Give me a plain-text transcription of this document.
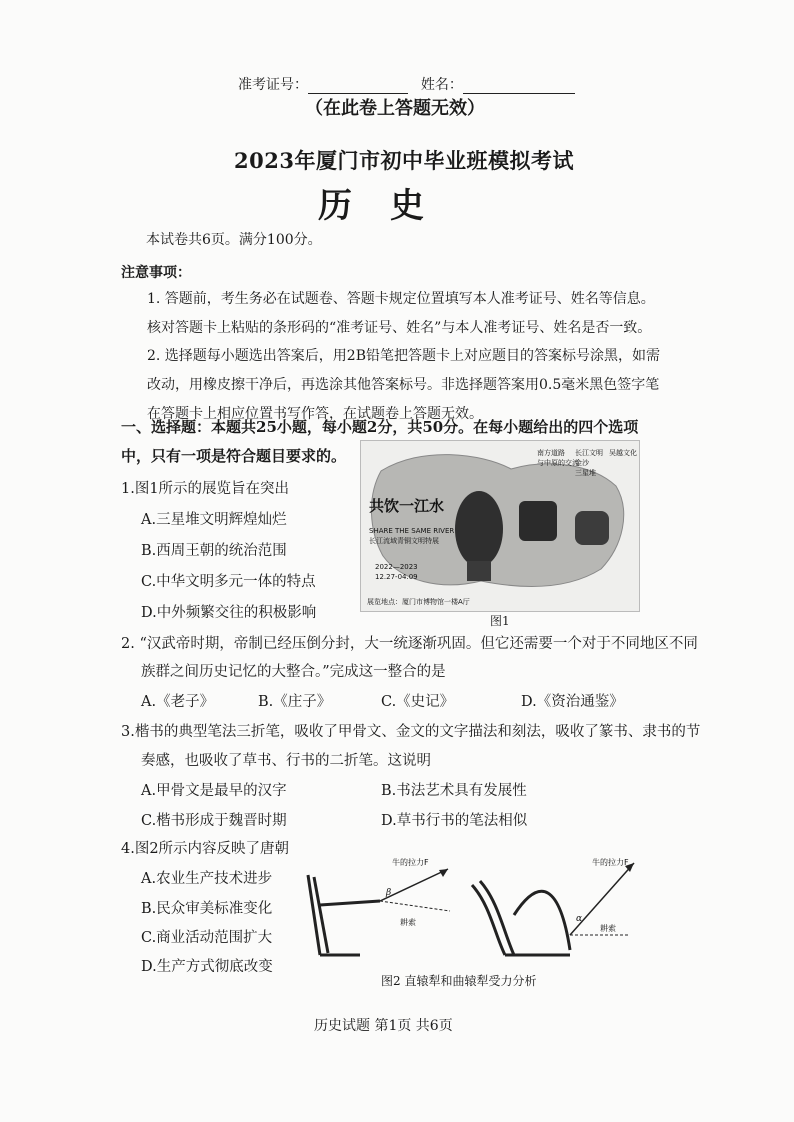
准考证号：	姓名：
（在此卷上答题无效）
2023年厦门市初中毕业班模拟考试
历史
本试卷共6页。满分100分。
注意事项：
1. 答题前，考生务必在试题卷、答题卡规定位置填写本人准考证号、姓名等信息。核对答题卡上粘贴的条形码的“准考证号、姓名”与本人准考证号、姓名是否一致。
2. 选择题每小题选出答案后，用2B铅笔把答题卡上对应题目的答案标号涂黑，如需改动，用橡皮擦干净后，再选涂其他答案标号。非选择题答案用0.5毫米黑色签字笔在答题卡上相应位置书写作答，在试题卷上答题无效。
一、选择题：本题共25小题，每小题2分，共50分。在每小题给出的四个选项中，只有一项是符合题目要求的。
1.图1所示的展览旨在突出
A.三星堆文明辉煌灿烂
B.西周王朝的统治范围
C.中华文明多元一体的特点
D.中外频繁交往的积极影响
共饮一江水
SHARE THE SAME RIVER
长江流域青铜文明特展
2022—2023
12.27-04.09
展览地点：厦门市博物馆一楼A厅
长江文明
金沙
三星堆
南方道路
与中原的交流
吴越文化
图1
2. “汉武帝时期，帝制已经压倒分封，大一统逐渐巩固。但它还需要一个对于不同地区不同
族群之间历史记忆的大整合。”完成这一整合的是
A.《老子》	B.《庄子》	C.《史记》	D.《资治通鉴》
3.楷书的典型笔法三折笔，吸收了甲骨文、金文的文字描法和刻法，吸收了篆书、隶书的节
奏感，也吸收了草书、行书的二折笔。这说明
A.甲骨文是最早的汉字	B.书法艺术具有发展性
C.楷书形成于魏晋时期	D.草书行书的笔法相似
4.图2所示内容反映了唐朝
A.农业生产技术进步
B.民众审美标准变化
C.商业活动范围扩大
D.生产方式彻底改变
牛的拉力F
耕索
β
牛的拉力F
耕索
α
图2 直辕犁和曲辕犁受力分析
历史试题 第1页 共6页
